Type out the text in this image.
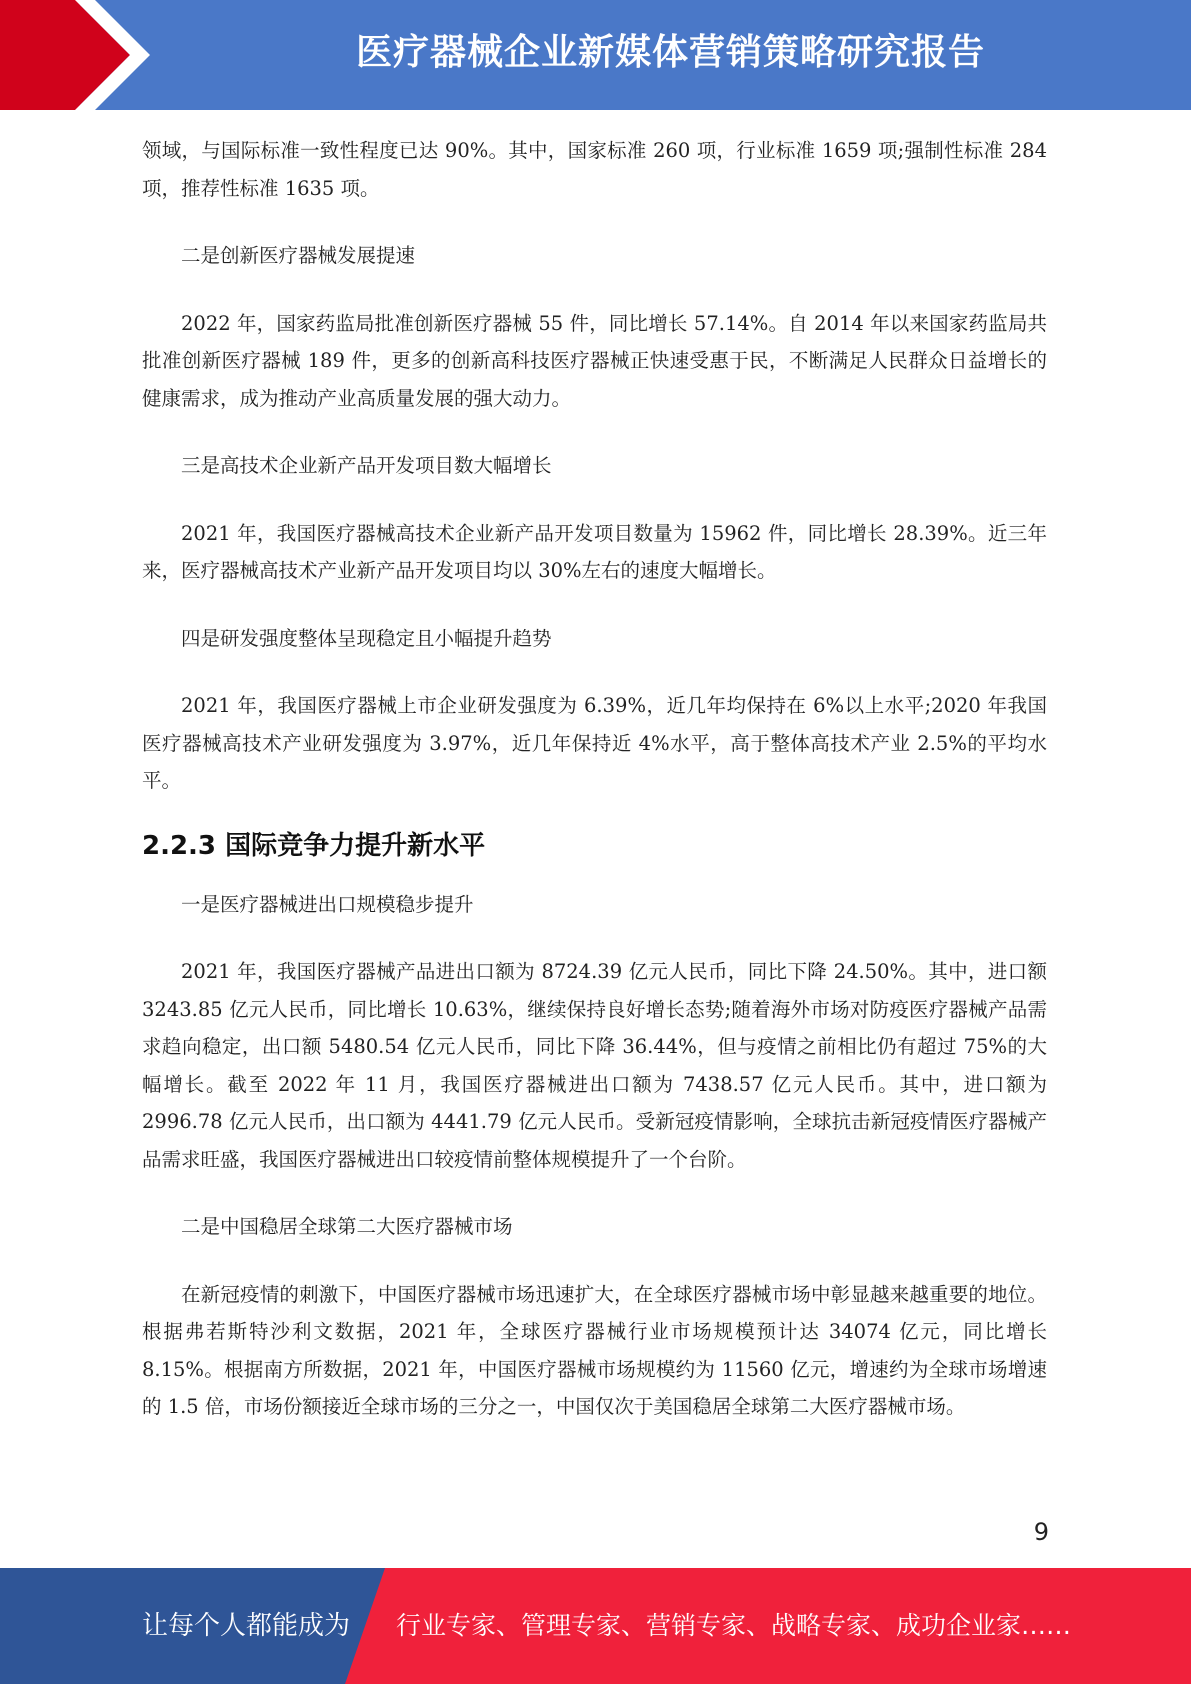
医疗器械企业新媒体营销策略研究报告

领域，与国际标准一致性程度已达 90%。其中，国家标准 260 项，行业标准 1659 项;强制性标准 284 项，推荐性标准 1635 项。

二是创新医疗器械发展提速

2022 年，国家药监局批准创新医疗器械 55 件，同比增长 57.14%。自 2014 年以来国家药监局共批准创新医疗器械 189 件，更多的创新高科技医疗器械正快速受惠于民，不断满足人民群众日益增长的健康需求，成为推动产业高质量发展的强大动力。

三是高技术企业新产品开发项目数大幅增长

2021 年，我国医疗器械高技术企业新产品开发项目数量为 15962 件，同比增长 28.39%。近三年来，医疗器械高技术产业新产品开发项目均以 30%左右的速度大幅增长。

四是研发强度整体呈现稳定且小幅提升趋势

2021 年，我国医疗器械上市企业研发强度为 6.39%，近几年均保持在 6%以上水平;2020 年我国医疗器械高技术产业研发强度为 3.97%，近几年保持近 4%水平，高于整体高技术产业 2.5%的平均水平。

2.2.3 国际竞争力提升新水平

一是医疗器械进出口规模稳步提升

2021 年，我国医疗器械产品进出口额为 8724.39 亿元人民币，同比下降 24.50%。其中，进口额 3243.85 亿元人民币，同比增长 10.63%，继续保持良好增长态势;随着海外市场对防疫医疗器械产品需求趋向稳定，出口额 5480.54 亿元人民币，同比下降 36.44%，但与疫情之前相比仍有超过 75%的大幅增长。截至 2022 年 11 月，我国医疗器械进出口额为 7438.57 亿元人民币。其中，进口额为 2996.78 亿元人民币，出口额为 4441.79 亿元人民币。受新冠疫情影响，全球抗击新冠疫情医疗器械产品需求旺盛，我国医疗器械进出口较疫情前整体规模提升了一个台阶。

二是中国稳居全球第二大医疗器械市场

在新冠疫情的刺激下，中国医疗器械市场迅速扩大，在全球医疗器械市场中彰显越来越重要的地位。根据弗若斯特沙利文数据，2021 年，全球医疗器械行业市场规模预计达 34074 亿元，同比增长 8.15%。根据南方所数据，2021 年，中国医疗器械市场规模约为 11560 亿元，增速约为全球市场增速的 1.5 倍，市场份额接近全球市场的三分之一，中国仅次于美国稳居全球第二大医疗器械市场。

9
让每个人都能成为 行业专家、管理专家、营销专家、战略专家、成功企业家……
